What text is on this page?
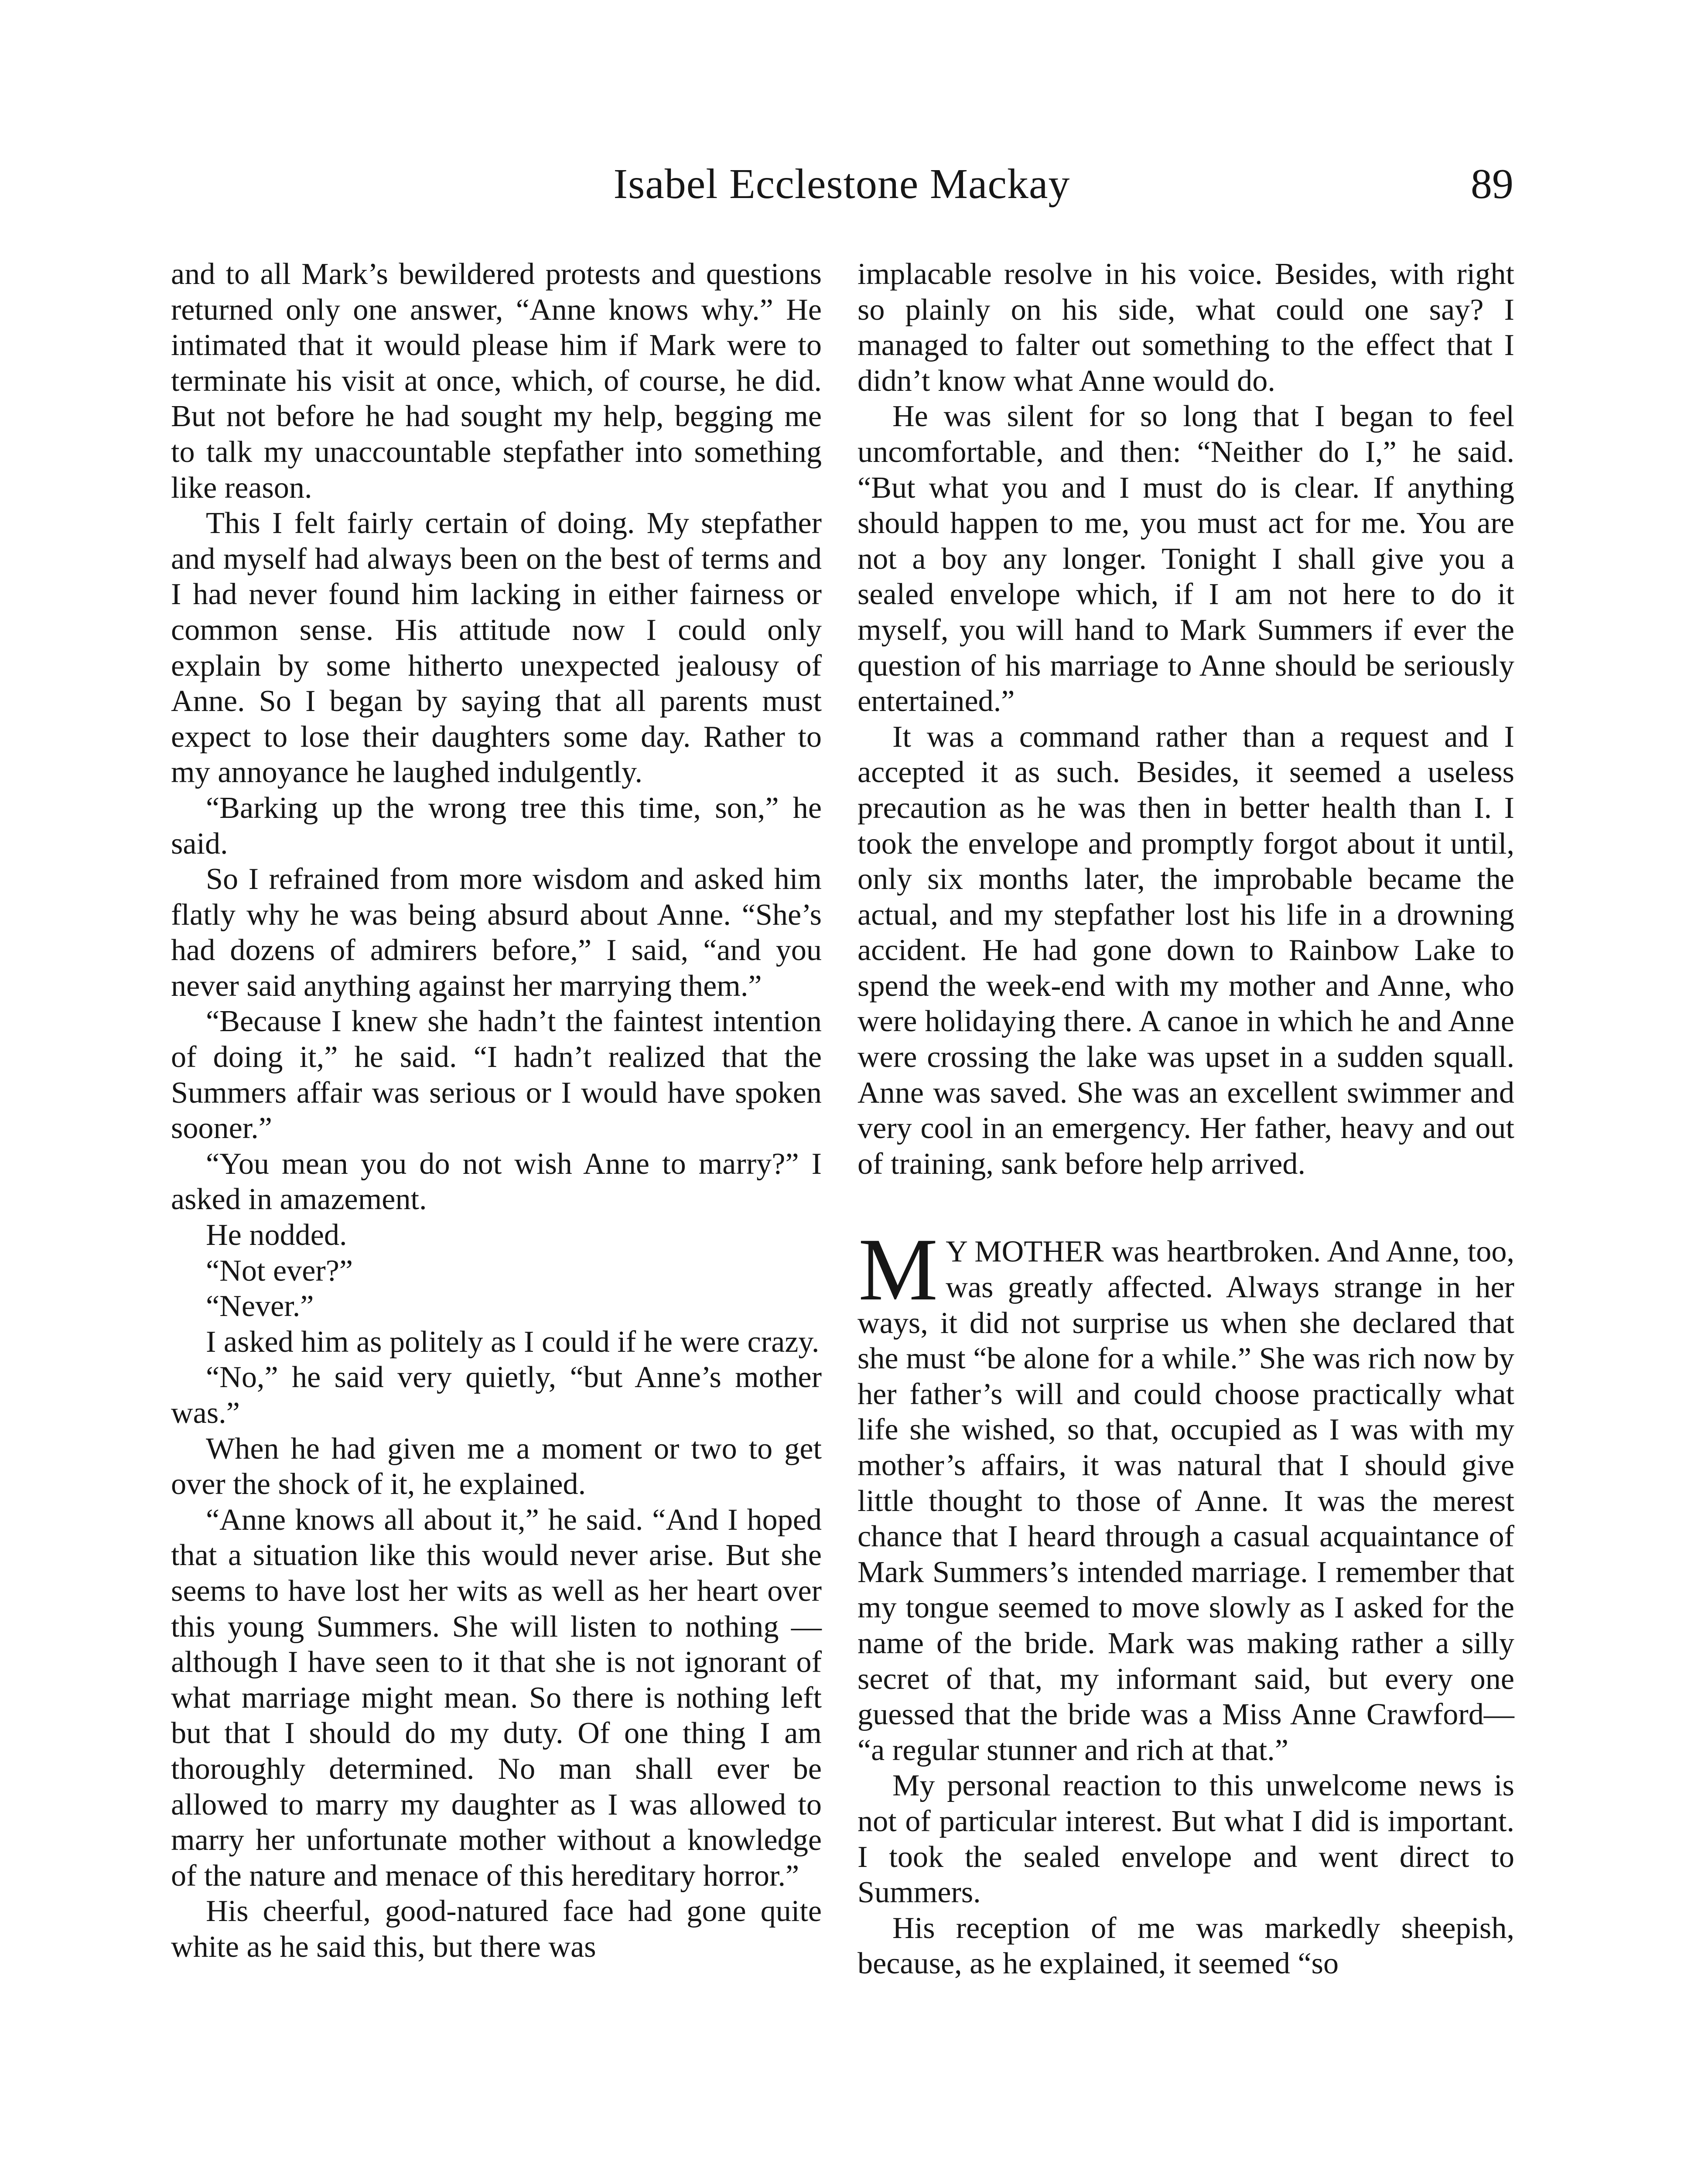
Isabel Ecclestone Mackay	89

and to all Mark’s bewildered protests and questions returned only one answer, “Anne knows why.” He intimated that it would please him if Mark were to terminate his visit at once, which, of course, he did. But not before he had sought my help, begging me to talk my unaccountable stepfather into something like reason.

This I felt fairly certain of doing. My stepfather and myself had always been on the best of terms and I had never found him lacking in either fairness or common sense. His attitude now I could only explain by some hitherto unexpected jealousy of Anne. So I began by saying that all parents must expect to lose their daughters some day. Rather to my annoyance he laughed indulgently.

“Barking up the wrong tree this time, son,” he said.

So I refrained from more wisdom and asked him flatly why he was being absurd about Anne. “She’s had dozens of admirers before,” I said, “and you never said anything against her marrying them.”

“Because I knew she hadn’t the faintest intention of doing it,” he said. “I hadn’t realized that the Summers affair was serious or I would have spoken sooner.”

“You mean you do not wish Anne to marry?” I asked in amazement.

He nodded.

“Not ever?”

“Never.”

I asked him as politely as I could if he were crazy.

“No,” he said very quietly, “but Anne’s mother was.”

When he had given me a moment or two to get over the shock of it, he explained.

“Anne knows all about it,” he said. “And I hoped that a situation like this would never arise. But she seems to have lost her wits as well as her heart over this young Summers. She will listen to nothing —although I have seen to it that she is not ignorant of what marriage might mean. So there is nothing left but that I should do my duty. Of one thing I am thoroughly determined. No man shall ever be allowed to marry my daughter as I was allowed to marry her unfortunate mother without a knowledge of the nature and menace of this hereditary horror.”

His cheerful, good-natured face had gone quite white as he said this, but there was

implacable resolve in his voice. Besides, with right so plainly on his side, what could one say? I managed to falter out something to the effect that I didn’t know what Anne would do.

He was silent for so long that I began to feel uncomfortable, and then: “Neither do I,” he said. “But what you and I must do is clear. If anything should happen to me, you must act for me. You are not a boy any longer. Tonight I shall give you a sealed envelope which, if I am not here to do it myself, you will hand to Mark Summers if ever the question of his marriage to Anne should be seriously entertained.”

It was a command rather than a request and I accepted it as such. Besides, it seemed a useless precaution as he was then in better health than I. I took the envelope and promptly forgot about it until, only six months later, the improbable became the actual, and my stepfather lost his life in a drowning accident. He had gone down to Rainbow Lake to spend the week-end with my mother and Anne, who were holidaying there. A canoe in which he and Anne were crossing the lake was upset in a sudden squall. Anne was saved. She was an excellent swimmer and very cool in an emergency. Her father, heavy and out of training, sank before help arrived.

M Y MOTHER was heartbroken. And Anne, too, was greatly affected. Always strange in her ways, it did not surprise us when she declared that she must “be alone for a while.” She was rich now by her father’s will and could choose practically what life she wished, so that, occupied as I was with my mother’s affairs, it was natural that I should give little thought to those of Anne. It was the merest chance that I heard through a casual acquaintance of Mark Summers’s intended marriage. I remember that my tongue seemed to move slowly as I asked for the name of the bride. Mark was making rather a silly secret of that, my informant said, but every one guessed that the bride was a Miss Anne Crawford— “a regular stunner and rich at that.”

My personal reaction to this unwelcome news is not of particular interest. But what I did is important. I took the sealed envelope and went direct to Summers.

His reception of me was markedly sheepish, because, as he explained, it seemed “so
